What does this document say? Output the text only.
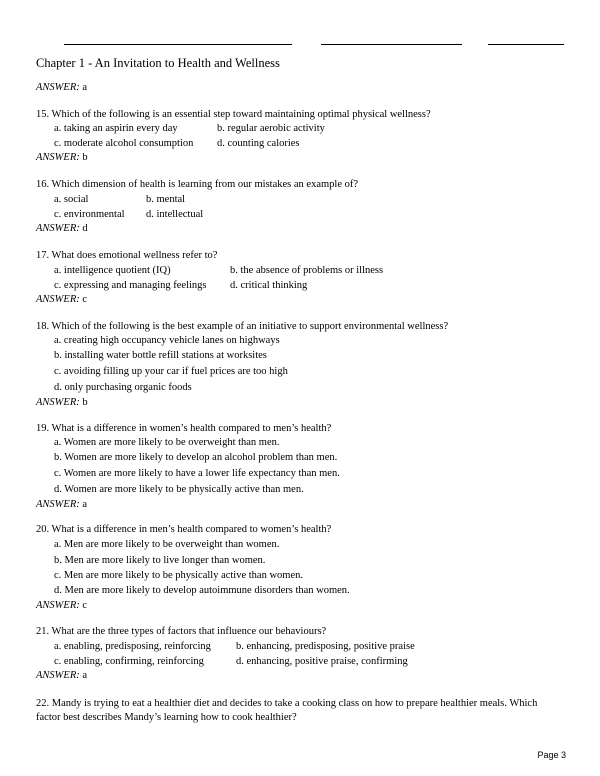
Chapter 1 - An Invitation to Health and Wellness
ANSWER: a
15. Which of the following is an essential step toward maintaining optimal physical wellness?
a. taking an aspirin every day	b. regular aerobic activity
c. moderate alcohol consumption d. counting calories
ANSWER: b
16. Which dimension of health is learning from our mistakes an example of?
a. social	b. mental
c. environmental d. intellectual
ANSWER: d
17. What does emotional wellness refer to?
a. intelligence quotient (IQ)	b. the absence of problems or illness
c. expressing and managing feelings d. critical thinking
ANSWER: c
18. Which of the following is the best example of an initiative to support environmental wellness?
a. creating high occupancy vehicle lanes on highways
b. installing water bottle refill stations at worksites
c. avoiding filling up your car if fuel prices are too high
d. only purchasing organic foods
ANSWER: b
19. What is a difference in women’s health compared to men’s health?
a. Women are more likely to be overweight than men.
b. Women are more likely to develop an alcohol problem than men.
c. Women are more likely to have a lower life expectancy than men.
d. Women are more likely to be physically active than men.
ANSWER: a
20. What is a difference in men’s health compared to women’s health?
a. Men are more likely to be overweight than women.
b. Men are more likely to live longer than women.
c. Men are more likely to be physically active than women.
d. Men are more likely to develop autoimmune disorders than women.
ANSWER: c
21. What are the three types of factors that influence our behaviours?
a. enabling, predisposing, reinforcing b. enhancing, predisposing, positive praise
c. enabling, confirming, reinforcing	d. enhancing, positive praise, confirming
ANSWER: a
22. Mandy is trying to eat a healthier diet and decides to take a cooking class on how to prepare healthier meals. Which factor best describes Mandy’s learning how to cook healthier?
Page 3
